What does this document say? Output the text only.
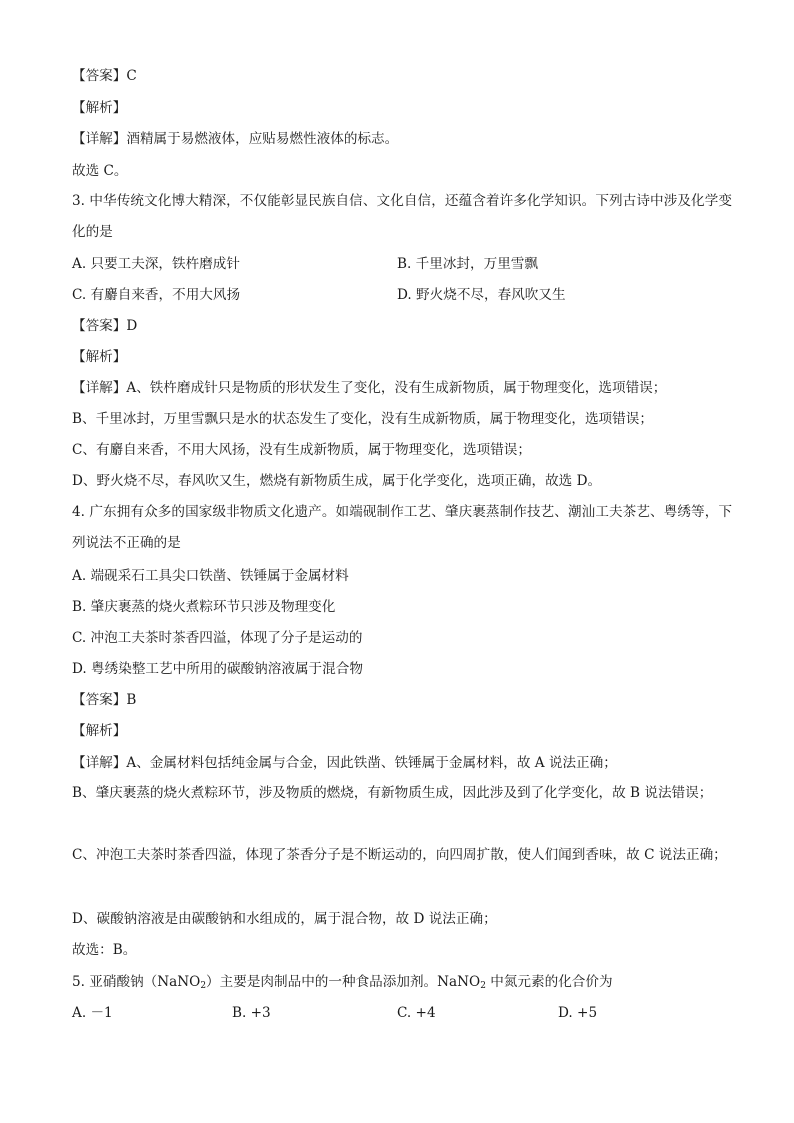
【答案】C
【解析】
【详解】酒精属于易燃液体，应贴易燃性液体的标志。
故选 C。
3. 中华传统文化博大精深，不仅能彰显民族自信、文化自信，还蕴含着许多化学知识。下列古诗中涉及化学变化的是
A. 只要工夫深，铁杵磨成针	B. 千里冰封，万里雪飘
C. 有麝自来香，不用大风扬	D. 野火烧不尽，春风吹又生
【答案】D
【解析】
【详解】A、铁杵磨成针只是物质的形状发生了变化，没有生成新物质，属于物理变化，选项错误；
B、千里冰封，万里雪飘只是水的状态发生了变化，没有生成新物质，属于物理变化，选项错误；
C、有麝自来香，不用大风扬，没有生成新物质，属于物理变化，选项错误；
D、野火烧不尽，春风吹又生，燃烧有新物质生成，属于化学变化，选项正确，故选 D。
4. 广东拥有众多的国家级非物质文化遗产。如端砚制作工艺、肇庆裹蒸制作技艺、潮汕工夫茶艺、粤绣等，下列说法不正确的是
A. 端砚采石工具尖口铁凿、铁锤属于金属材料
B. 肇庆裹蒸的烧火煮粽环节只涉及物理变化
C. 冲泡工夫茶时茶香四溢，体现了分子是运动的
D. 粤绣染整工艺中所用的碳酸钠溶液属于混合物
【答案】B
【解析】
【详解】A、金属材料包括纯金属与合金，因此铁凿、铁锤属于金属材料，故 A 说法正确；
B、肇庆裹蒸的烧火煮粽环节，涉及物质的燃烧，有新物质生成，因此涉及到了化学变化，故 B 说法错误；
C、冲泡工夫茶时茶香四溢，体现了茶香分子是不断运动的，向四周扩散，使人们闻到香味，故 C 说法正确；
D、碳酸钠溶液是由碳酸钠和水组成的，属于混合物，故 D 说法正确；
故选：B。
5. 亚硝酸钠（NaNO$_2$）主要是肉制品中的一种食品添加剂。NaNO$_2$ 中氮元素的化合价为
A. －1	B. +3	C. +4	D. +5
